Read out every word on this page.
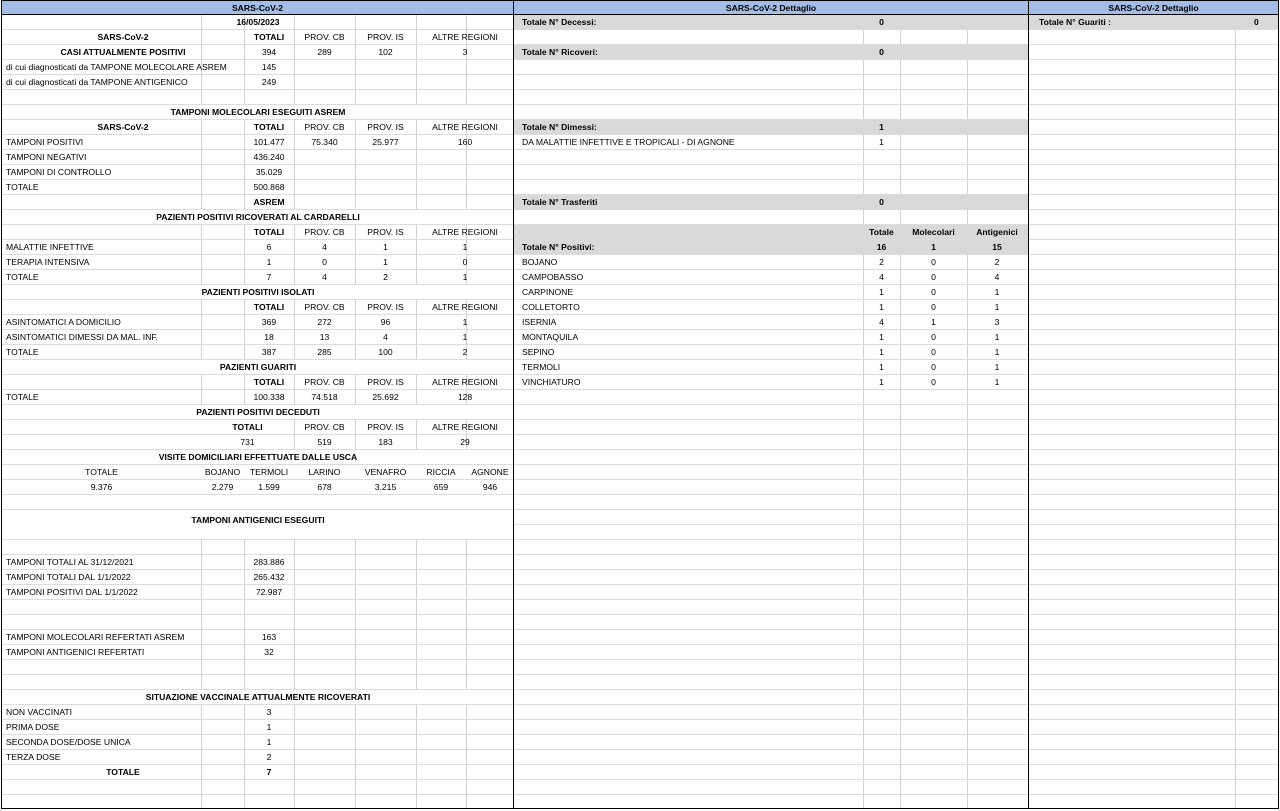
SARS-CoV-2
16/05/2023
SARS-CoV-2	TOTALI	PROV. CB	PROV. IS	ALTRE REGIONI
CASI ATTUALMENTE POSITIVI	394	289	102	3
di cui diagnosticati da TAMPONE MOLECOLARE ASREM	145
di cui diagnosticati da TAMPONE ANTIGENICO	249
TAMPONI MOLECOLARI ESEGUITI ASREM
SARS-CoV-2	TOTALI	PROV. CB	PROV. IS	ALTRE REGIONI
TAMPONI POSITIVI	101.477	75.340	25.977	160
TAMPONI NEGATIVI	436.240
TAMPONI DI CONTROLLO	35.029
TOTALE	500.868
ASREM
PAZIENTI POSITIVI RICOVERATI AL CARDARELLI
TOTALI	PROV. CB	PROV. IS	ALTRE REGIONI
MALATTIE INFETTIVE	6	4	1	1
TERAPIA INTENSIVA	1	0	1	0
TOTALE	7	4	2	1
PAZIENTI POSITIVI ISOLATI
TOTALI	PROV. CB	PROV. IS	ALTRE REGIONI
ASINTOMATICI A DOMICILIO	369	272	96	1
ASINTOMATICI DIMESSI DA MAL. INF.	18	13	4	1
TOTALE	387	285	100	2
PAZIENTI GUARITI
TOTALI	PROV. CB	PROV. IS	ALTRE REGIONI
TOTALE	100.338	74.518	25.692	128
PAZIENTI POSITIVI DECEDUTI
TOTALI	PROV. CB	PROV. IS	ALTRE REGIONI
731	519	183	29
VISITE DOMICILIARI EFFETTUATE DALLE USCA
TOTALE	BOJANO	TERMOLI	LARINO	VENAFRO	RICCIA	AGNONE
9.376	2.279	1.599	678	3.215	659	946
TAMPONI ANTIGENICI ESEGUITI
TAMPONI TOTALI AL 31/12/2021	283.886
TAMPONI TOTALI DAL 1/1/2022	265.432
TAMPONI POSITIVI DAL 1/1/2022	72.987
TAMPONI MOLECOLARI REFERTATI ASREM	163
TAMPONI ANTIGENICI REFERTATI	32
SITUAZIONE VACCINALE ATTUALMENTE RICOVERATI
NON VACCINATI	3
PRIMA DOSE	1
SECONDA DOSE/DOSE UNICA	1
TERZA DOSE	2
TOTALE	7
SARS-CoV-2 Dettaglio
Totale N° Decessi:	0
Totale N° Ricoveri:	0
Totale N° Dimessi:	1
DA MALATTIE INFETTIVE E TROPICALI - DI AGNONE	1
Totale N° Trasferiti	0
Totale	Molecolari	Antigenici
Totale N° Positivi:	16	1	15
BOJANO	2	0	2
CAMPOBASSO	4	0	4
CARPINONE	1	0	1
COLLETORTO	1	0	1
ISERNIA	4	1	3
MONTAQUILA	1	0	1
SEPINO	1	0	1
TERMOLI	1	0	1
VINCHIATURO	1	0	1
SARS-CoV-2 Dettaglio
Totale N° Guariti :	0
